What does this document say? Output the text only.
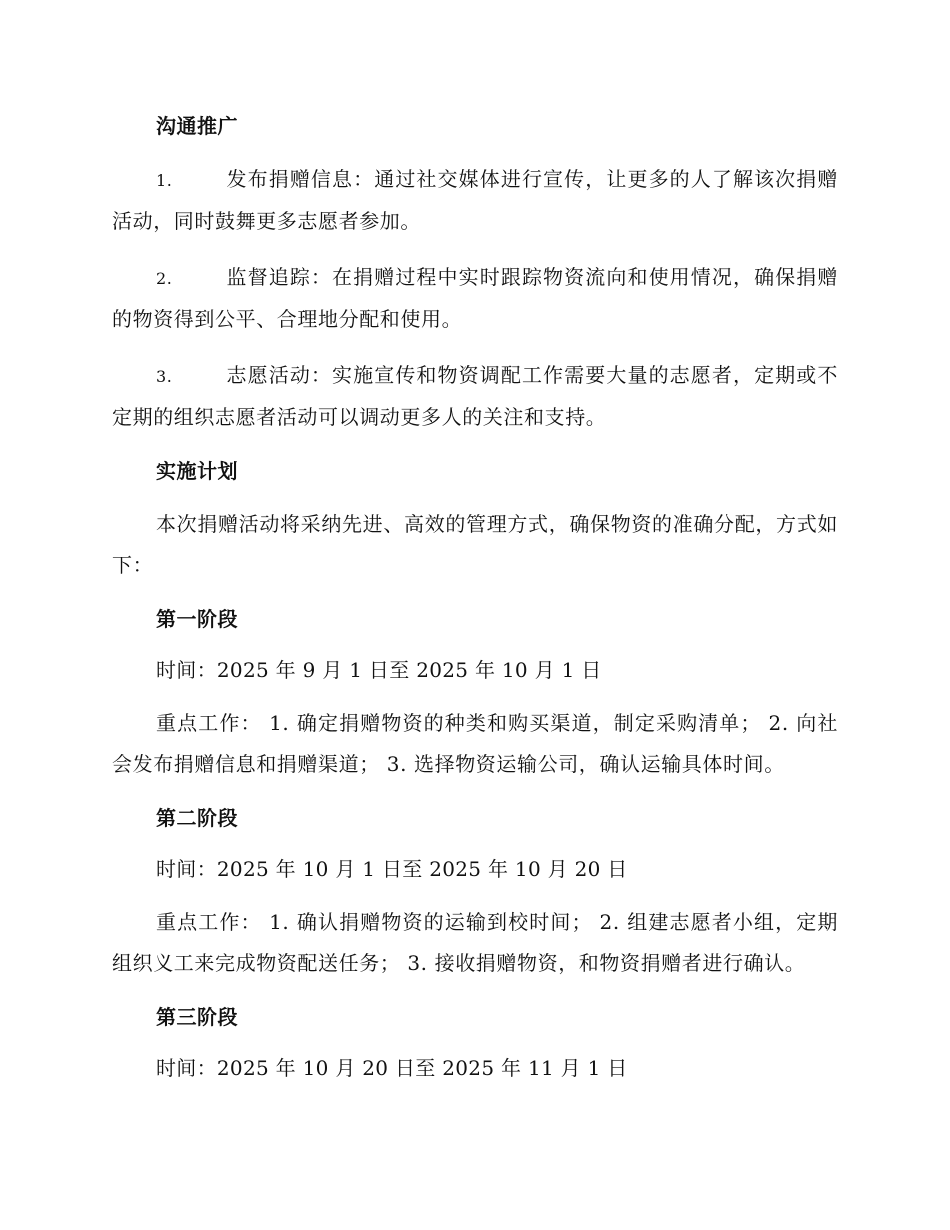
沟通推广
1.	发布捐赠信息：通过社交媒体进行宣传，让更多的人了解该次捐赠活动，同时鼓舞更多志愿者参加。
2.	监督追踪：在捐赠过程中实时跟踪物资流向和使用情况，确保捐赠的物资得到公平、合理地分配和使用。
3.	志愿活动：实施宣传和物资调配工作需要大量的志愿者，定期或不定期的组织志愿者活动可以调动更多人的关注和支持。
实施计划
本次捐赠活动将采纳先进、高效的管理方式，确保物资的准确分配，方式如下：
第一阶段
时间：2025 年 9 月 1 日至 2025 年 10 月 1 日
重点工作： 1. 确定捐赠物资的种类和购买渠道，制定采购清单； 2. 向社会发布捐赠信息和捐赠渠道； 3. 选择物资运输公司，确认运输具体时间。
第二阶段
时间：2025 年 10 月 1 日至 2025 年 10 月 20 日
重点工作： 1. 确认捐赠物资的运输到校时间； 2. 组建志愿者小组，定期组织义工来完成物资配送任务； 3. 接收捐赠物资，和物资捐赠者进行确认。
第三阶段
时间：2025 年 10 月 20 日至 2025 年 11 月 1 日
